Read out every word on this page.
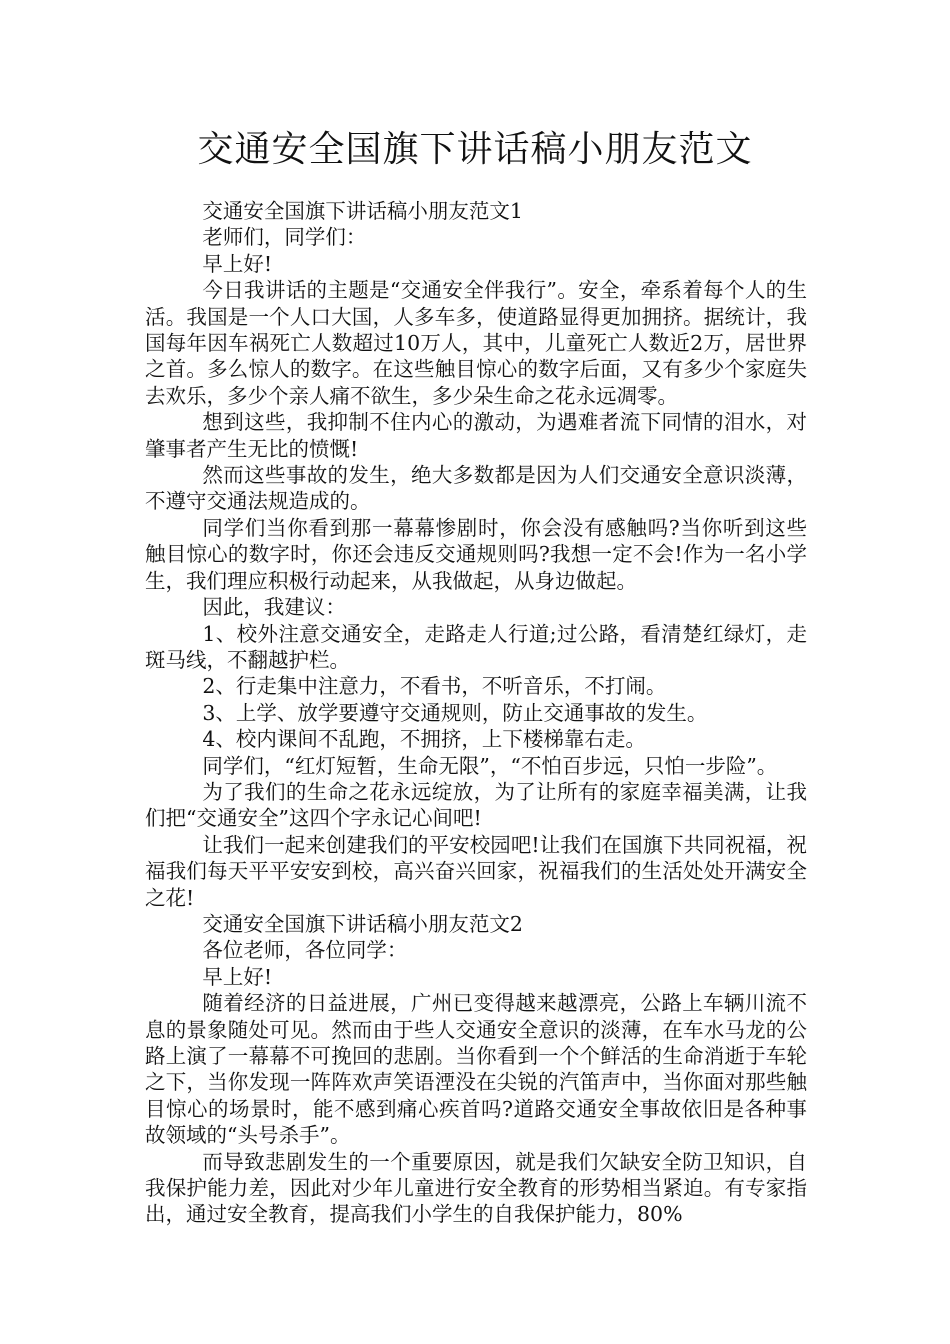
交通安全国旗下讲话稿小朋友范文

交通安全国旗下讲话稿小朋友范文1

老师们，同学们：

早上好!

今日我讲话的主题是“交通安全伴我行”。安全，牵系着每个人的生活。我国是一个人口大国，人多车多，使道路显得更加拥挤。据统计，我国每年因车祸死亡人数超过10万人，其中，儿童死亡人数近2万，居世界之首。多么惊人的数字。在这些触目惊心的数字后面，又有多少个家庭失去欢乐，多少个亲人痛不欲生，多少朵生命之花永远凋零。

想到这些，我抑制不住内心的激动，为遇难者流下同情的泪水，对肇事者产生无比的愤慨!

然而这些事故的发生，绝大多数都是因为人们交通安全意识淡薄，不遵守交通法规造成的。

同学们当你看到那一幕幕惨剧时，你会没有感触吗?当你听到这些触目惊心的数字时，你还会违反交通规则吗?我想一定不会!作为一名小学生，我们理应积极行动起来，从我做起，从身边做起。

因此，我建议：

1、校外注意交通安全，走路走人行道;过公路，看清楚红绿灯，走斑马线，不翻越护栏。

2、行走集中注意力，不看书，不听音乐，不打闹。

3、上学、放学要遵守交通规则，防止交通事故的发生。

4、校内课间不乱跑，不拥挤，上下楼梯靠右走。

同学们，“红灯短暂，生命无限”，“不怕百步远，只怕一步险”。

为了我们的生命之花永远绽放，为了让所有的家庭幸福美满，让我们把“交通安全”这四个字永记心间吧!

让我们一起来创建我们的平安校园吧!让我们在国旗下共同祝福，祝福我们每天平平安安到校，高兴奋兴回家，祝福我们的生活处处开满安全之花!

交通安全国旗下讲话稿小朋友范文2

各位老师，各位同学：

早上好!

随着经济的日益进展，广州已变得越来越漂亮，公路上车辆川流不息的景象随处可见。然而由于些人交通安全意识的淡薄，在车水马龙的公路上演了一幕幕不可挽回的悲剧。当你看到一个个鲜活的生命消逝于车轮之下，当你发现一阵阵欢声笑语湮没在尖锐的汽笛声中，当你面对那些触目惊心的场景时，能不感到痛心疾首吗?道路交通安全事故依旧是各种事故领域的“头号杀手”。

而导致悲剧发生的一个重要原因，就是我们欠缺安全防卫知识，自我保护能力差，因此对少年儿童进行安全教育的形势相当紧迫。有专家指出，通过安全教育，提高我们小学生的自我保护能力，80%
